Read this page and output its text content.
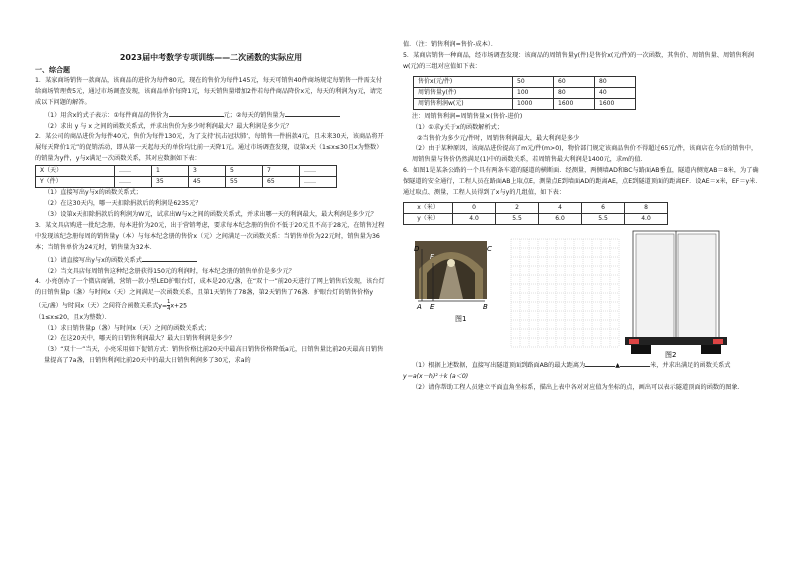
2023届中考数学专项训练——二次函数的实际应用
一、综合题

1．某家商场销售一款商品，该商品的进价为每件80元，现在的售价为每件145元，每天可销售40件商场规定每销售一件需支付给商场管理费5元，通过市场调查发现，该商品单价每降1元，每天销售量增加2件若每件商品降价x元，每天的利润为y元，请完成以下问题的解答。

（1）用含x的式子表示：①每件商品的售价为	元；②每天的销售量为

（2）求出 y 与 x 之间的函数关系式，并求出售价为多少时利润最大？最大利润是多少元？

2．某公司的商品进价为每件40元，售价为每件130元，为了支持‘抗击冠状肺’，每销售一件捐款4元，且未来30天，该商品将开展每天降价1元”的促销活动，即从第一天起每天的单价均比前一天降1元。通过市场调查发现，设第x天（1≤x≤30且x为整数）的销量为y件，y与x满足一次函数关系，其对应数据如下表：

X（天）	……	1	3	5	7	……
Y（件）	……	35	45	55	65	……

（1）直接写出y与x的函数关系式；

（2）在这30天内，哪一天扣除捐款后的利润是6235元？

（3）设第x天扣除捐款后的利润为W元，试求出W与x之间的函数关系式，并求出哪一天的利润最大，最大利润是多少元？

3．某文具店购进一批纪念册，每本进价为20元，出于营销考虑，要求每本纪念册的售价不低于20元且不高于28元，在销售过程中发现该纪念册每周的销售量y（本）与每本纪念册的售价x（元）之间满足一次函数关系：当销售单价为22元时，销售量为36本；当销售单价为24元时，销售量为32本．

（1）请直接写出y与x的函数关系式

（2）当文具店每周销售这种纪念册获得150元的利润时，每本纪念册的销售单价是多少元？

4．小亮创办了一个微店商铺，营销一款小型LED护眼台灯，成本是20元/盏，在“双十一”前20天进行了网上销售后发现，该台灯的日销售量p（盏）与时间x（天）之间满足一次函数关系，且第1天销售了78盏，第2天销售了76盏．护眼台灯的销售价格y（元/盏）与时间x（天）之间符合函数关系式$y= \frac{1}{4} x+25$

（1≤x≤20，且x为整数）．

（1）求日销售量p（盏）与时间x（天）之间的函数关系式；

（2）在这20天中，哪天的日销售利润最大？最大日销售利润是多少？

（3）“双十一”当天，小亮采用如下促销方式：销售价格比前20天中最高日销售价格降低a元，日销售量比前20天最高日销售量提高了7a盏，日销售利润比前20天中的最大日销售利润多了30元，求a的

值．（注：销售利润=售价-成本）．

5．某商店销售一种商品，经市场调查发现：该商品的周销售量y(件)是售价x(元/件)的一次函数，其售价、周销售量、周销售利润w(元)的三组对应值如下表：

售价x(元/件)	50	60	80
周销售量y(件)	100	80	40
周销售利润w(元)	1000	1600	1600

注：周销售利润=周销售量×(售价-进价)

（1）①求y关于x的函数解析式；

②当售价为多少元/件时，周销售利润最大，最大利润是多少

（2）由于某种原因，该商品进价提高了m元/件(m>0)，物价部门规定该商品售价不得超过65元/件，该商店在今后的销售中，周销售量与售价仍然满足(1)中的函数关系，若周销售最大利润是1400元，求m的值．

6．如图1是某条公路的一个具有两条车道的隧道的横断面．经测量，两侧墙AD和BC与路面AB垂直，隧道内侧宽AB＝8米，为了确保隧道的安全通行，工程人员在路面AB上取点E，测量点E到墙面AD的距离AE，点E到隧道顶面的距离EF．设AE＝x米，EF＝y米．通过取点、测量，工程人员得到了x与y的几组值，如下表：

x（米）	0	2	4	6	8
y（米）	4.0	5.5	6.0	5.5	4.0
A E	B
F
D	C
图1
图2

（1）根据上述数据，直接写出隧道顶面到路面AB的最大距离为	▲	米，并求出满足的函数关系式

y＝a(x－h)²＋k (a＜0)

（2）请你帮助工程人员建立平面直角坐标系，描出上表中各对对应值为坐标的点，画出可以表示隧道顶面的函数的图象．
